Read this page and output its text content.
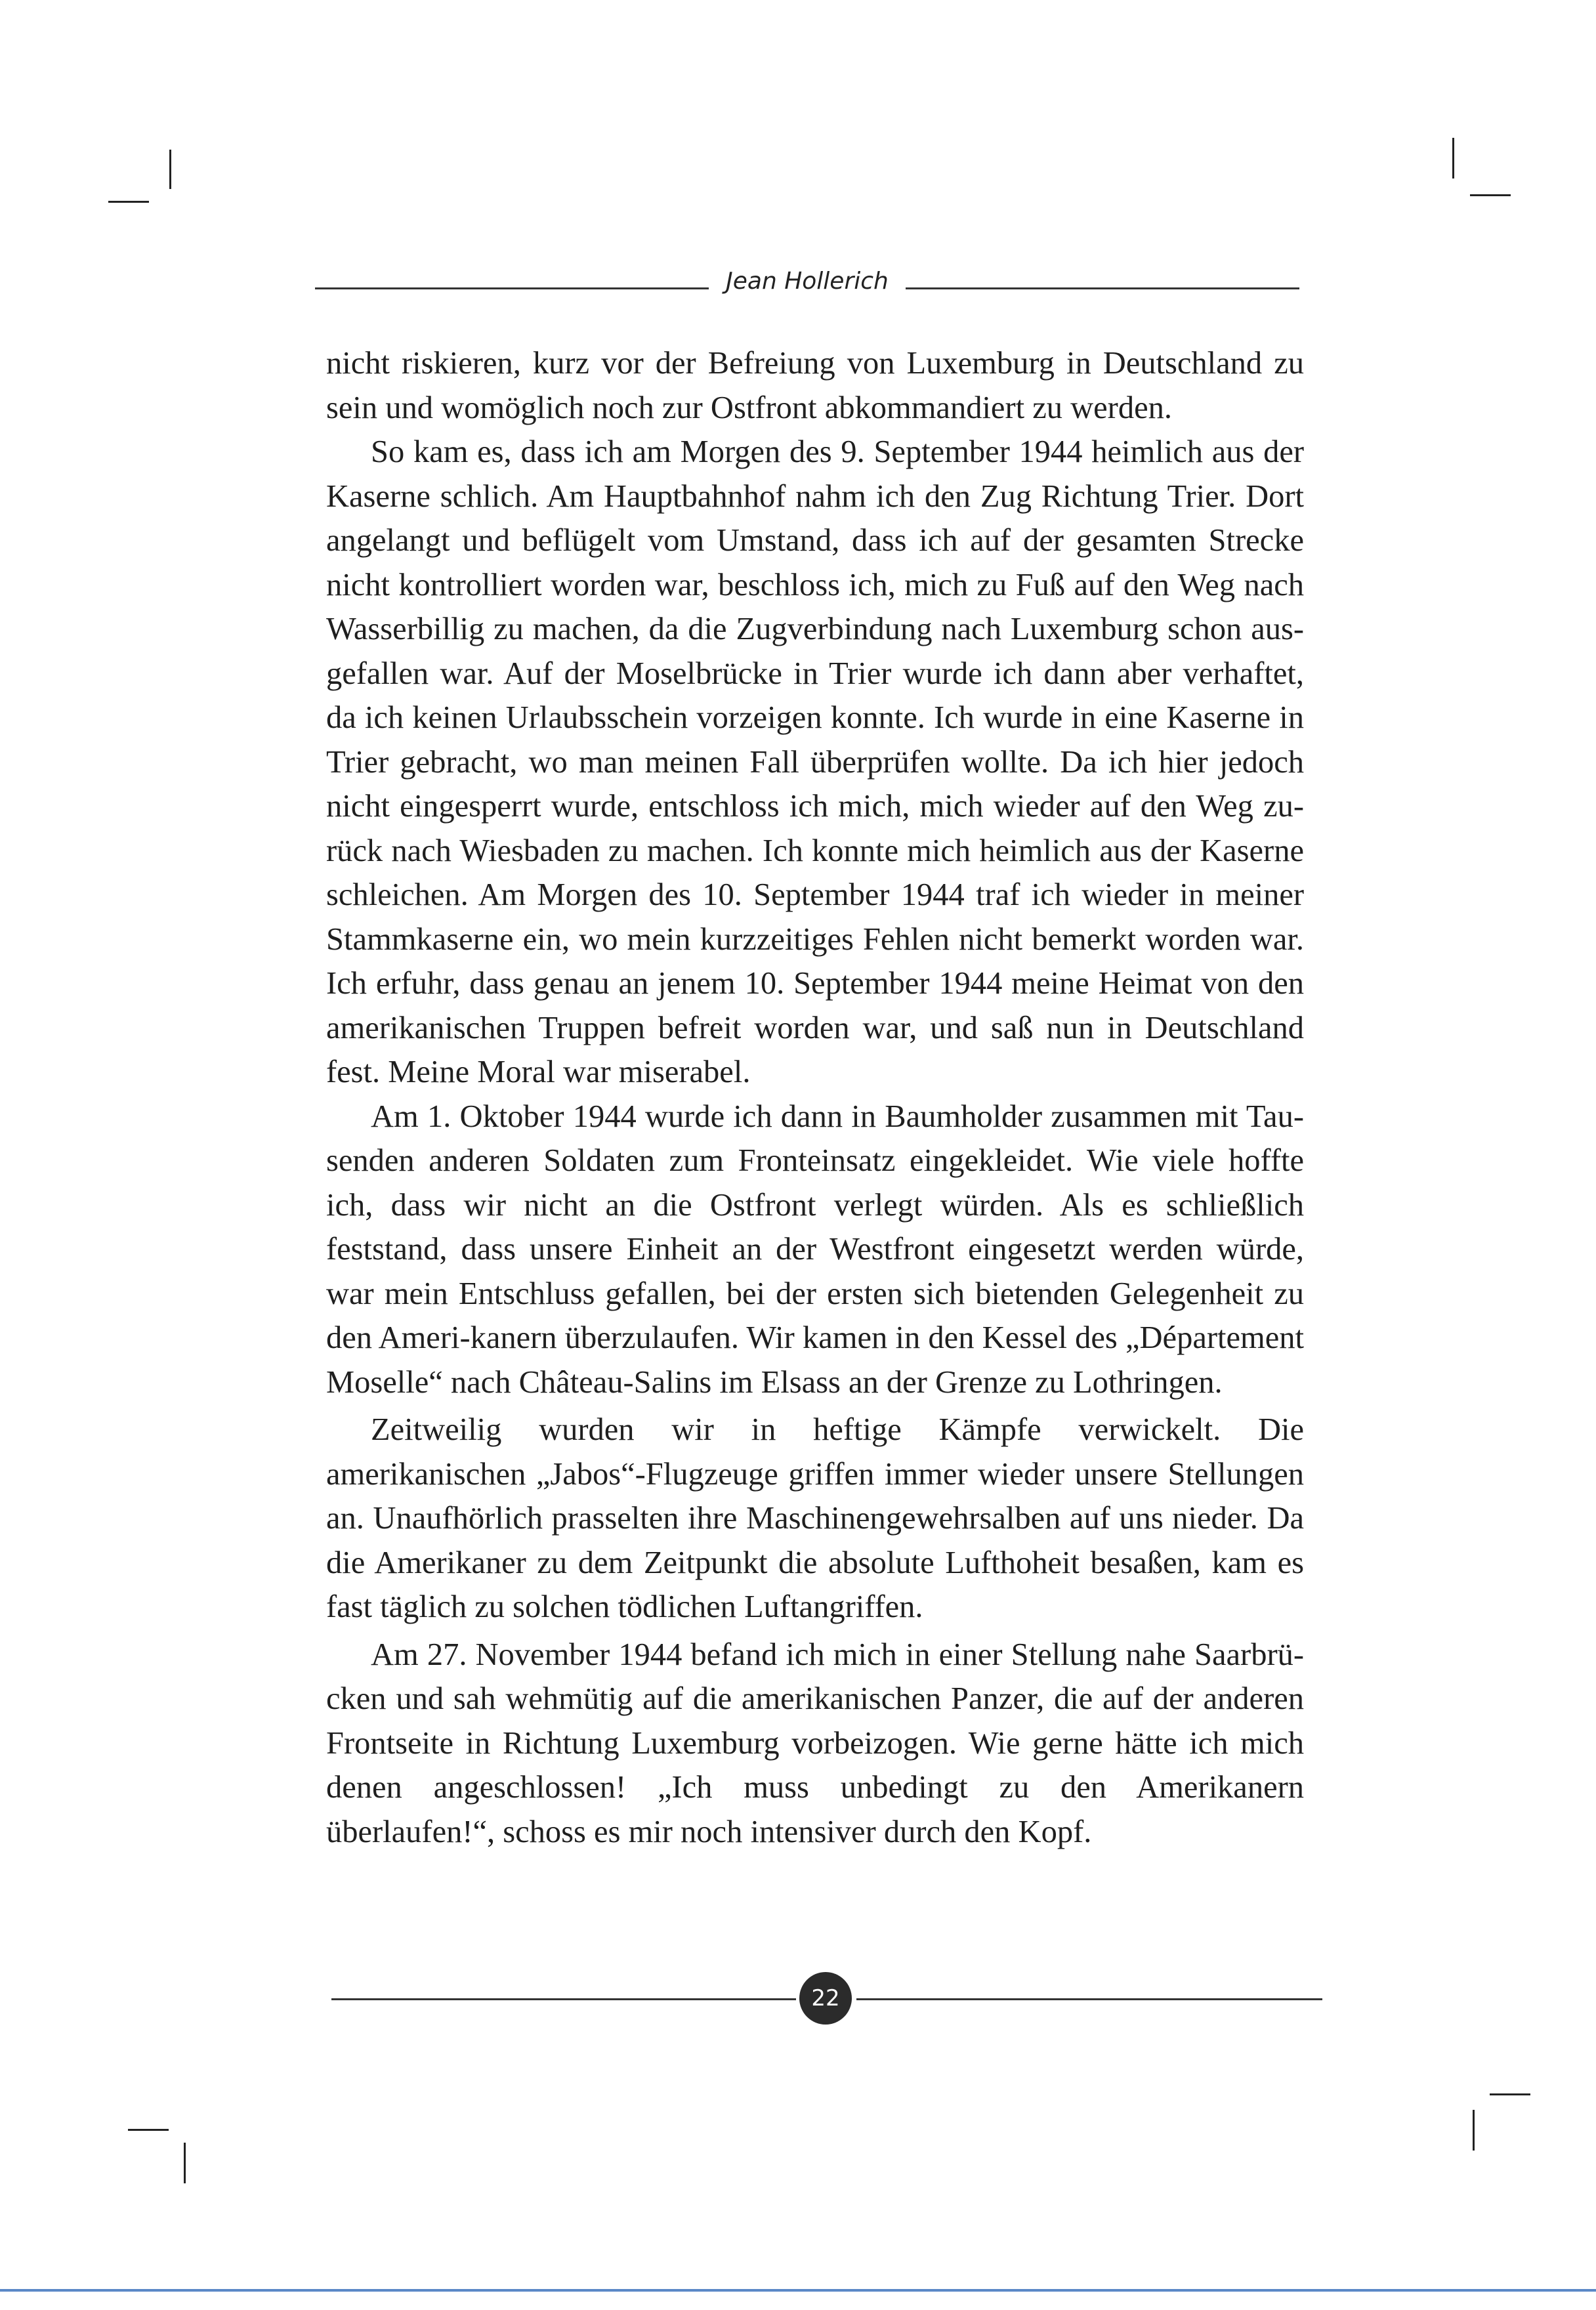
Jean Hollerich

nicht riskieren, kurz vor der Befreiung von Luxemburg in Deutschland zu sein und womöglich noch zur Ostfront abkommandiert zu werden.

So kam es, dass ich am Morgen des 9. September 1944 heimlich aus der Kaserne schlich. Am Hauptbahnhof nahm ich den Zug Richtung Trier. Dort angelangt und beflügelt vom Umstand, dass ich auf der gesamten Strecke nicht kontrolliert worden war, beschloss ich, mich zu Fuß auf den Weg nach Wasserbillig zu machen, da die Zugverbindung nach Luxemburg schon aus-gefallen war. Auf der Moselbrücke in Trier wurde ich dann aber verhaftet, da ich keinen Urlaubsschein vorzeigen konnte. Ich wurde in eine Kaserne in Trier gebracht, wo man meinen Fall überprüfen wollte. Da ich hier jedoch nicht eingesperrt wurde, entschloss ich mich, mich wieder auf den Weg zu-rück nach Wiesbaden zu machen. Ich konnte mich heimlich aus der Kaserne schleichen. Am Morgen des 10. September 1944 traf ich wieder in meiner Stammkaserne ein, wo mein kurzzeitiges Fehlen nicht bemerkt worden war. Ich erfuhr, dass genau an jenem 10. September 1944 meine Heimat von den amerikanischen Truppen befreit worden war, und saß nun in Deutschland fest. Meine Moral war miserabel.

Am 1. Oktober 1944 wurde ich dann in Baumholder zusammen mit Tau-senden anderen Soldaten zum Fronteinsatz eingekleidet. Wie viele hoffte ich, dass wir nicht an die Ostfront verlegt würden. Als es schließlich feststand, dass unsere Einheit an der Westfront eingesetzt werden würde, war mein Entschluss gefallen, bei der ersten sich bietenden Gelegenheit zu den Ameri-kanern überzulaufen. Wir kamen in den Kessel des „Département Moselle“ nach Château-Salins im Elsass an der Grenze zu Lothringen.

Zeitweilig wurden wir in heftige Kämpfe verwickelt. Die amerikanischen „Jabos“-Flugzeuge griffen immer wieder unsere Stellungen an. Unaufhörlich prasselten ihre Maschinengewehrsalben auf uns nieder. Da die Amerikaner zu dem Zeitpunkt die absolute Lufthoheit besaßen, kam es fast täglich zu solchen tödlichen Luftangriffen.

Am 27. November 1944 befand ich mich in einer Stellung nahe Saarbrü-cken und sah wehmütig auf die amerikanischen Panzer, die auf der anderen Frontseite in Richtung Luxemburg vorbeizogen. Wie gerne hätte ich mich denen angeschlossen! „Ich muss unbedingt zu den Amerikanern überlaufen!“, schoss es mir noch intensiver durch den Kopf.

22
